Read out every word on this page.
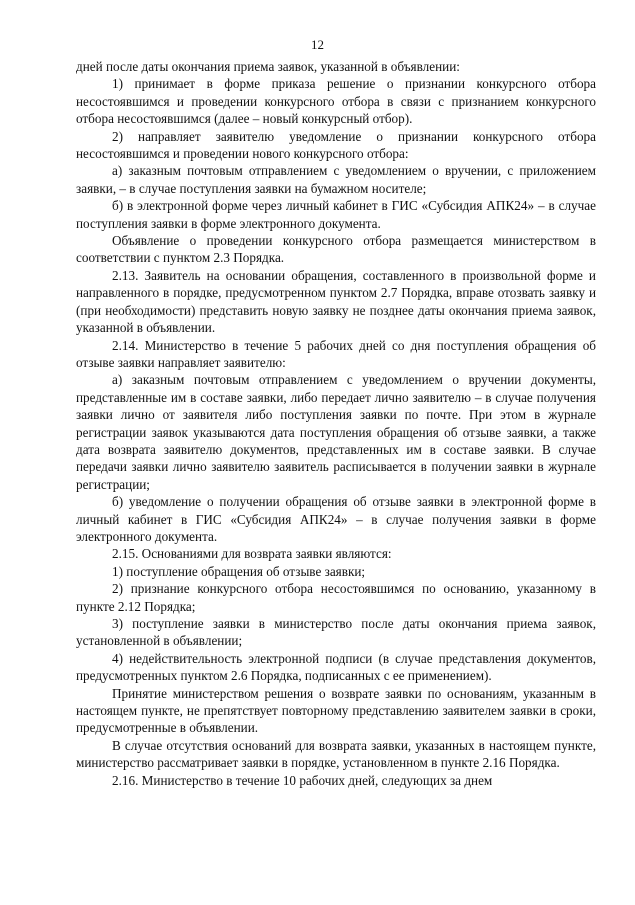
12

дней после даты окончания приема заявок, указанной в объявлении:

1) принимает в форме приказа решение о признании конкурсного отбора несостоявшимся и проведении конкурсного отбора в связи с признанием конкурсного отбора несостоявшимся (далее – новый конкурсный отбор).

2) направляет заявителю уведомление о признании конкурсного отбора несостоявшимся и проведении нового конкурсного отбора:

а) заказным почтовым отправлением с уведомлением о вручении, с приложением заявки, – в случае поступления заявки на бумажном носителе;

б) в электронной форме через личный кабинет в ГИС «Субсидия АПК24» – в случае поступления заявки в форме электронного документа.

Объявление о проведении конкурсного отбора размещается министерством в соответствии с пунктом 2.3 Порядка.

2.13. Заявитель на основании обращения, составленного в произвольной форме и направленного в порядке, предусмотренном пунктом 2.7 Порядка, вправе отозвать заявку и (при необходимости) представить новую заявку не позднее даты окончания приема заявок, указанной в объявлении.

2.14. Министерство в течение 5 рабочих дней со дня поступления обращения об отзыве заявки направляет заявителю:

а) заказным почтовым отправлением с уведомлением о вручении документы, представленные им в составе заявки, либо передает лично заявителю – в случае получения заявки лично от заявителя либо поступления заявки по почте. При этом в журнале регистрации заявок указываются дата поступления обращения об отзыве заявки, а также дата возврата заявителю документов, представленных им в составе заявки. В случае передачи заявки лично заявителю заявитель расписывается в получении заявки в журнале регистрации;

б) уведомление о получении обращения об отзыве заявки в электронной форме в личный кабинет в ГИС «Субсидия АПК24» – в случае получения заявки в форме электронного документа.

2.15. Основаниями для возврата заявки являются:

1) поступление обращения об отзыве заявки;

2) признание конкурсного отбора несостоявшимся по основанию, указанному в пункте 2.12 Порядка;

3) поступление заявки в министерство после даты окончания приема заявок, установленной в объявлении;

4) недействительность электронной подписи (в случае представления документов, предусмотренных пунктом 2.6 Порядка, подписанных с ее применением).

Принятие министерством решения о возврате заявки по основаниям, указанным в настоящем пункте, не препятствует повторному представлению заявителем заявки в сроки, предусмотренные в объявлении.

В случае отсутствия оснований для возврата заявки, указанных в настоящем пункте, министерство рассматривает заявки в порядке, установленном в пункте 2.16 Порядка.

2.16. Министерство в течение 10 рабочих дней, следующих за днем
